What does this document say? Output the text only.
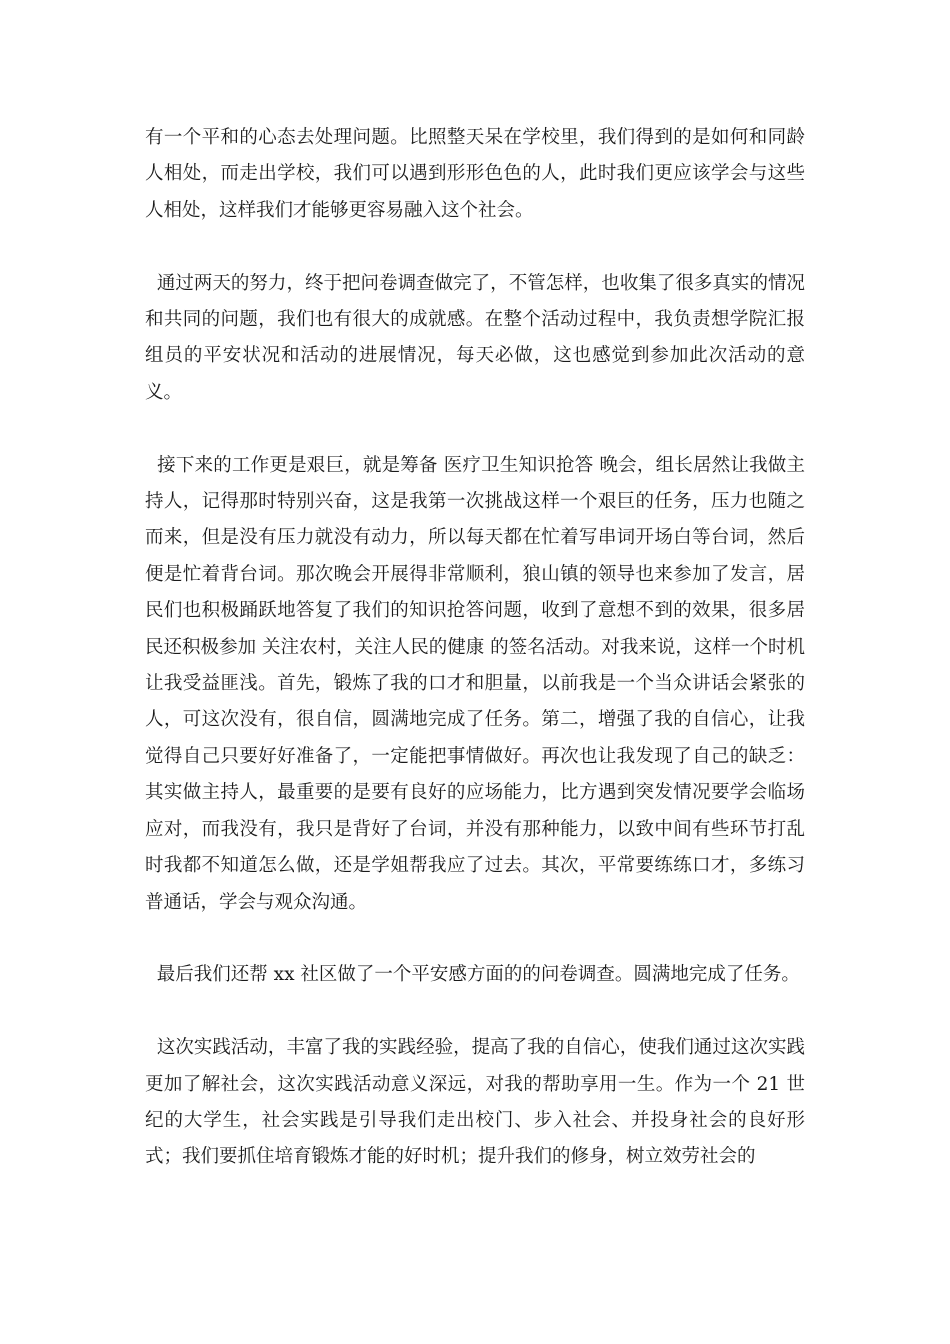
有一个平和的心态去处理问题。比照整天呆在学校里，我们得到的是如何和同龄人相处，而走出学校，我们可以遇到形形色色的人，此时我们更应该学会与这些人相处，这样我们才能够更容易融入这个社会。

通过两天的努力，终于把问卷调查做完了，不管怎样，也收集了很多真实的情况和共同的问题，我们也有很大的成就感。在整个活动过程中，我负责想学院汇报组员的平安状况和活动的进展情况，每天必做，这也感觉到参加此次活动的意义。

接下来的工作更是艰巨，就是筹备 医疗卫生知识抢答 晚会，组长居然让我做主持人，记得那时特别兴奋，这是我第一次挑战这样一个艰巨的任务，压力也随之而来，但是没有压力就没有动力，所以每天都在忙着写串词开场白等台词，然后便是忙着背台词。那次晚会开展得非常顺利，狼山镇的领导也来参加了发言，居民们也积极踊跃地答复了我们的知识抢答问题，收到了意想不到的效果，很多居民还积极参加 关注农村，关注人民的健康 的签名活动。对我来说，这样一个时机让我受益匪浅。首先，锻炼了我的口才和胆量，以前我是一个当众讲话会紧张的人，可这次没有，很自信，圆满地完成了任务。第二，增强了我的自信心，让我觉得自己只要好好准备了，一定能把事情做好。再次也让我发现了自己的缺乏：其实做主持人，最重要的是要有良好的应场能力，比方遇到突发情况要学会临场应对，而我没有，我只是背好了台词，并没有那种能力，以致中间有些环节打乱时我都不知道怎么做，还是学姐帮我应了过去。其次，平常要练练口才，多练习普通话，学会与观众沟通。

最后我们还帮 xx 社区做了一个平安感方面的的问卷调查。圆满地完成了任务。

这次实践活动，丰富了我的实践经验，提高了我的自信心，使我们通过这次实践更加了解社会，这次实践活动意义深远，对我的帮助享用一生。作为一个 21 世纪的大学生，社会实践是引导我们走出校门、步入社会、并投身社会的良好形式；我们要抓住培育锻炼才能的好时机；提升我们的修身，树立效劳社会的
